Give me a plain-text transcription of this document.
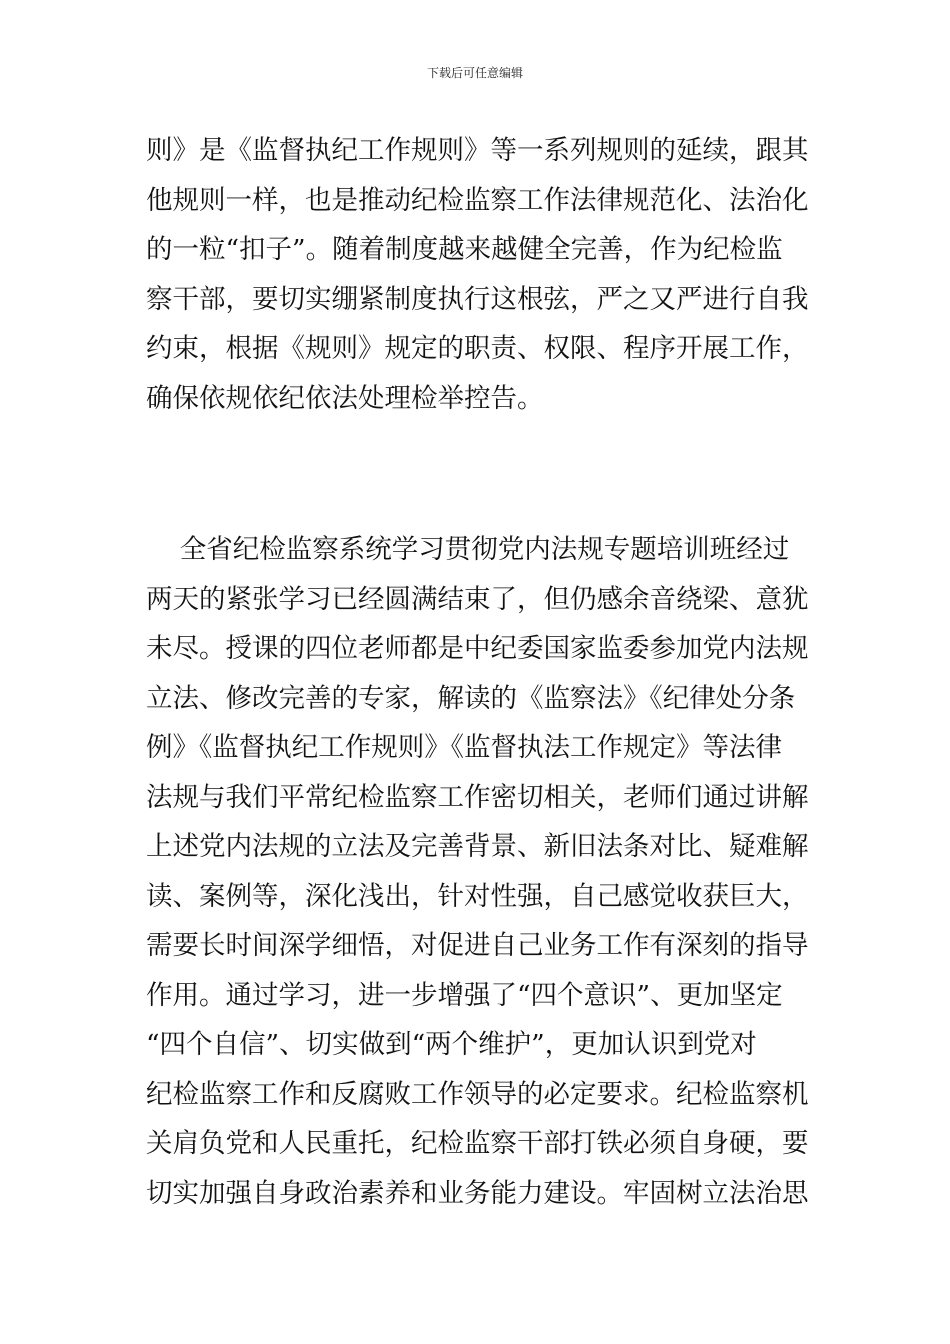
下载后可任意编辑
则》是《监督执纪工作规则》等一系列规则的延续，跟其
他规则一样，也是推动纪检监察工作法律规范化、法治化
的一粒“扣子”。随着制度越来越健全完善，作为纪检监
察干部，要切实绷紧制度执行这根弦，严之又严进行自我
约束，根据《规则》规定的职责、权限、程序开展工作，
确保依规依纪依法处理检举控告。
全省纪检监察系统学习贯彻党内法规专题培训班经过
两天的紧张学习已经圆满结束了，但仍感余音绕梁、意犹
未尽。授课的四位老师都是中纪委国家监委参加党内法规
立法、修改完善的专家，解读的《监察法》《纪律处分条
例》《监督执纪工作规则》《监督执法工作规定》等法律
法规与我们平常纪检监察工作密切相关，老师们通过讲解
上述党内法规的立法及完善背景、新旧法条对比、疑难解
读、案例等，深化浅出，针对性强，自己感觉收获巨大，
需要长时间深学细悟，对促进自己业务工作有深刻的指导
作用。通过学习，进一步增强了“四个意识”、更加坚定
“四个自信”、切实做到“两个维护”，更加认识到党对
纪检监察工作和反腐败工作领导的必定要求。纪检监察机
关肩负党和人民重托，纪检监察干部打铁必须自身硬，要
切实加强自身政治素养和业务能力建设。牢固树立法治思
